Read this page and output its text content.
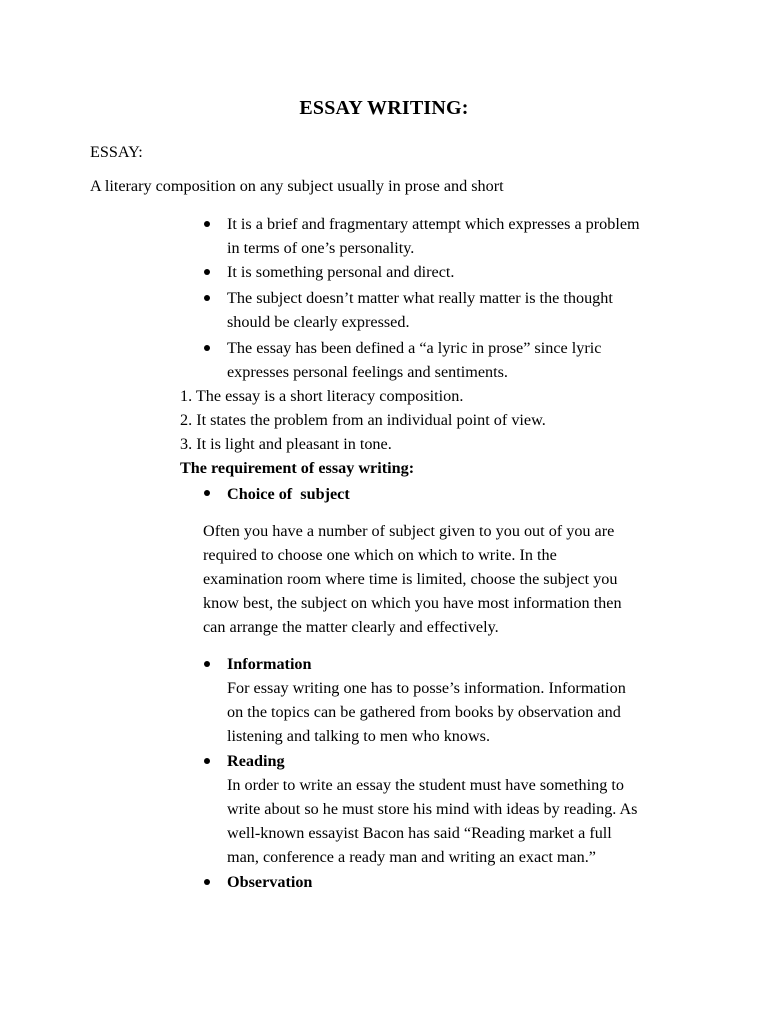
ESSAY WRITING:
ESSAY:
A literary composition on any subject usually in prose and short
It is a brief and fragmentary attempt which expresses a problem
in terms of one’s personality.
It is something personal and direct.
The subject doesn’t matter what really matter is the thought
should be clearly expressed.
The essay has been defined a “a lyric in prose” since lyric
expresses personal feelings and sentiments.
1. The essay is a short literacy composition.
2. It states the problem from an individual point of view.
3. It is light and pleasant in tone.
The requirement of essay writing:
Choice of  subject
Often you have a number of subject given to you out of you are
required to choose one which on which to write. In the
examination room where time is limited, choose the subject you
know best, the subject on which you have most information then
can arrange the matter clearly and effectively.
Information
For essay writing one has to posse’s information. Information
on the topics can be gathered from books by observation and
listening and talking to men who knows.
Reading
In order to write an essay the student must have something to
write about so he must store his mind with ideas by reading. As
well-known essayist Bacon has said “Reading market a full
man, conference a ready man and writing an exact man.”
Observation
